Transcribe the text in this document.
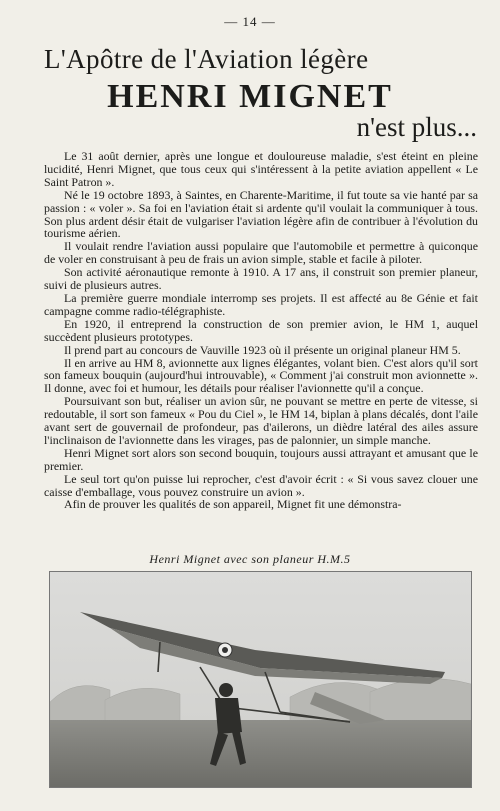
— 14 —
L'Apôtre de l'Aviation légère
HENRI MIGNET
n'est plus...

Le 31 août dernier, après une longue et douloureuse maladie, s'est éteint en pleine lucidité, Henri Mignet, que tous ceux qui s'intéressent à la petite aviation appellent « Le Saint Patron ».

Né le 19 octobre 1893, à Saintes, en Charente-Maritime, il fut toute sa vie hanté par sa passion : « voler ». Sa foi en l'aviation était si ardente qu'il voulait la communiquer à tous. Son plus ardent désir était de vulgariser l'aviation légère afin de contribuer à l'évolution du tourisme aérien.

Il voulait rendre l'aviation aussi populaire que l'automobile et permettre à quiconque de voler en construisant à peu de frais un avion simple, stable et facile à piloter.

Son activité aéronautique remonte à 1910. A 17 ans, il construit son premier planeur, suivi de plusieurs autres.

La première guerre mondiale interromp ses projets. Il est affecté au 8e Génie et fait campagne comme radio-télégraphiste.

En 1920, il entreprend la construction de son premier avion, le HM 1, auquel succèdent plusieurs prototypes.

Il prend part au concours de Vauville 1923 où il présente un original planeur HM 5.

Il en arrive au HM 8, avionnette aux lignes élégantes, volant bien. C'est alors qu'il sort son fameux bouquin (aujourd'hui introuvable), « Comment j'ai construit mon avionnette ». Il donne, avec foi et humour, les détails pour réaliser l'avionnette qu'il a conçue.

Poursuivant son but, réaliser un avion sûr, ne pouvant se mettre en perte de vitesse, si redoutable, il sort son fameux « Pou du Ciel », le HM 14, biplan à plans décalés, dont l'aile avant sert de gouvernail de profondeur, pas d'ailerons, un dièdre latéral des ailes assure l'inclinaison de l'avionnette dans les virages, pas de palonnier, un simple manche.

Henri Mignet sort alors son second bouquin, toujours aussi attrayant et amusant que le premier.

Le seul tort qu'on puisse lui reprocher, c'est d'avoir écrit : « Si vous savez clouer une caisse d'emballage, vous pouvez construire un avion ».

Afin de prouver les qualités de son appareil, Mignet fit une démonstra-

Henri Mignet avec son planeur H.M.5
